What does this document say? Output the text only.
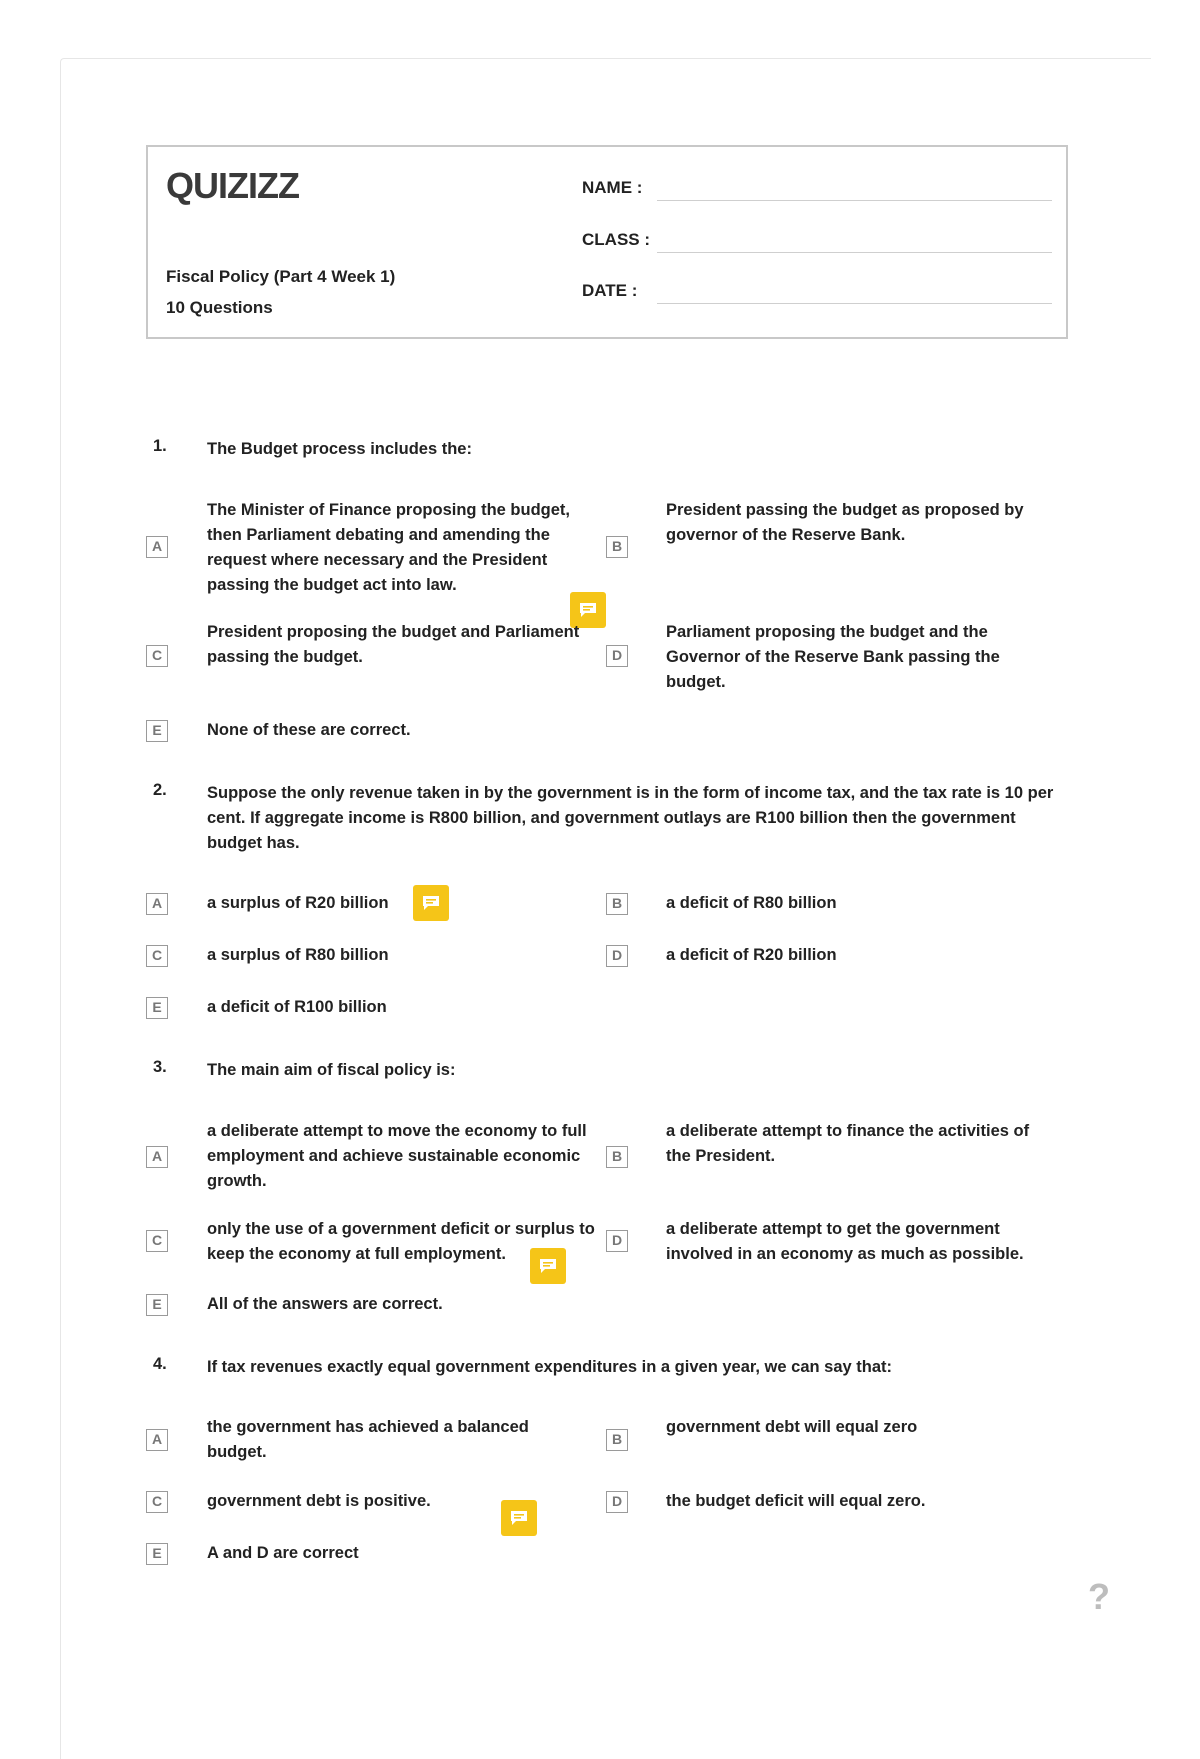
QUIZIZZ
Fiscal Policy (Part 4 Week 1)
10 Questions
NAME :
CLASS :
DATE :
1. The Budget process includes the:
A
The Minister of Finance proposing the budget, then Parliament debating and amending the request where necessary and the President passing the budget act into law.
B
President passing the budget as proposed by governor of the Reserve Bank.
C
President proposing the budget and Parliament passing the budget.	D
Parliament proposing the budget and the Governor of the Reserve Bank passing the budget.
E	None of these are correct.
2. Suppose the only revenue taken in by the government is in the form of income tax, and the tax rate is 10 per cent. If aggregate income is R800 billion, and government outlays are R100 billion then the government budget has.
A	a surplus of R20 billion	B	a deficit of R80 billion
C	a surplus of R80 billion	D	a deficit of R20 billion
E	a deficit of R100 billion
3. The main aim of fiscal policy is:
A
a deliberate attempt to move the economy to full employment and achieve sustainable economic growth.
B
a deliberate attempt to finance the activities of the President.
C
only the use of a government deficit or surplus to keep the economy at full employment.
D
a deliberate attempt to get the government involved in an economy as much as possible.
E	All of the answers are correct.
4. If tax revenues exactly equal government expenditures in a given year, we can say that:
A
the government has achieved a balanced budget.
B
government debt will equal zero
C	government debt is positive.	D	the budget deficit will equal zero.
E	A and D are correct
?
